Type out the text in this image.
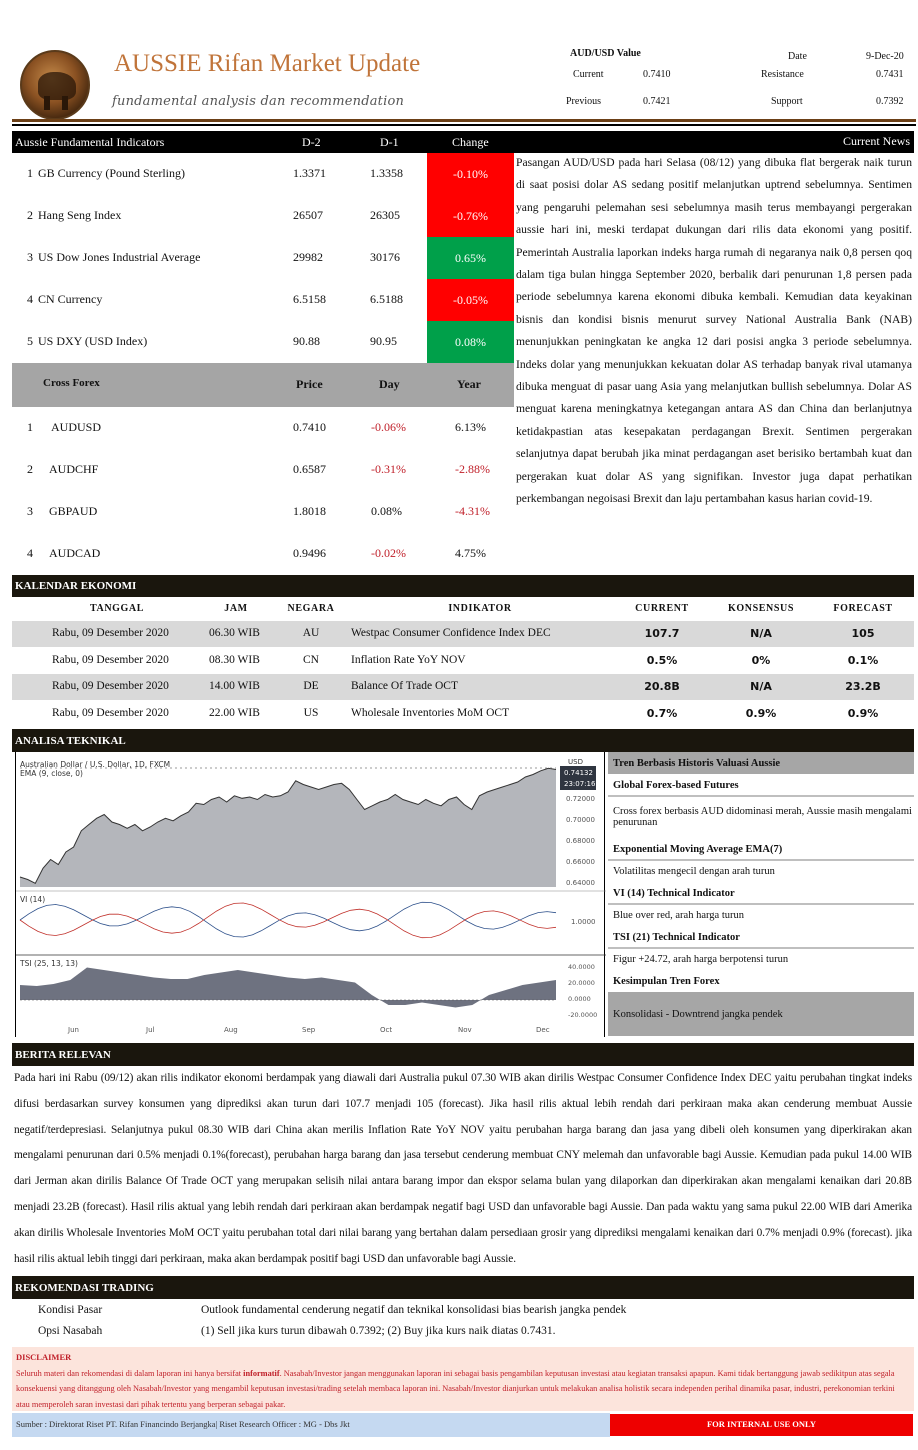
AUSSIE Rifan Market Update
fundamental analysis dan recommendation
AUD/USD Value
Current	0.7410
Previous	0.7421
Date	9-Dec-20
Resistance	0.7431
Support	0.7392
Aussie Fundamental Indicators	D-2	D-1	Change
Cross Forex	Price	Day	Year
Current News
Pasangan AUD/USD pada hari Selasa (08/12) yang dibuka flat bergerak naik turun di saat posisi dolar AS sedang positif melanjutkan uptrend sebelumnya. Sentimen yang pengaruhi pelemahan sesi sebelumnya masih terus membayangi pergerakan aussie hari ini, meski terdapat dukungan dari rilis data ekonomi yang positif. Pemerintah Australia laporkan indeks harga rumah di negaranya naik 0,8 persen qoq dalam tiga bulan hingga September 2020, berbalik dari penurunan 1,8 persen pada periode sebelumnya karena ekonomi dibuka kembali. Kemudian data keyakinan bisnis dan kondisi bisnis menurut survey National Australia Bank (NAB) menunjukkan peningkatan ke angka 12 dari posisi angka 3 periode sebelumnya. Indeks dolar yang menunjukkan kekuatan dolar AS terhadap banyak rival utamanya dibuka menguat di pasar uang Asia yang melanjutkan bullish sebelumnya. Dolar AS menguat karena meningkatnya ketegangan antara AS dan China dan berlanjutnya ketidakpastian atas kesepakatan perdagangan Brexit. Sentimen pergerakan selanjutnya dapat berubah jika minat perdagangan aset berisiko bertambah kuat dan pergerakan kuat dolar AS yang signifikan. Investor juga dapat perhatikan perkembangan negoisasi Brexit dan laju pertambahan kasus harian covid-19.
KALENDAR EKONOMI
TANGGAL	JAM	NEGARA	INDIKATOR	CURRENT	KONSENSUS	FORECAST
ANALISA TEKNIKAL
Australian Dollar / U.S. Dollar, 1D, FXCM
EMA (9, close, 0)
USD
0.74132
23:07:16
0.72000
0.70000
0.68000
0.66000
0.64000
VI (14)
1.0000
TSI (25, 13, 13)	40.0000
20.0000
0.0000
-20.0000
Jun	Jul	Aug	Sep	Oct	Nov	Dec
Tren Berbasis Historis Valuasi Aussie
Global Forex-based Futures
Cross forex berbasis AUD didominasi merah, Aussie masih mengalami penurunan
Exponential Moving Average EMA(7)
Volatilitas mengecil dengan arah turun
VI (14) Technical Indicator
Blue over red, arah harga turun
TSI (21) Technical Indicator
Figur +24.72, arah harga berpotensi turun
Kesimpulan Tren Forex
Konsolidasi - Downtrend jangka pendek
BERITA RELEVAN
Pada hari ini Rabu (09/12) akan rilis indikator ekonomi berdampak yang diawali dari Australia pukul 07.30 WIB akan dirilis Westpac Consumer Confidence Index DEC yaitu perubahan tingkat indeks difusi berdasarkan survey konsumen yang diprediksi akan turun dari 107.7 menjadi 105 (forecast). Jika hasil rilis aktual lebih rendah dari perkiraan maka akan cenderung membuat Aussie negatif/terdepresiasi. Selanjutnya pukul 08.30 WIB dari China akan merilis Inflation Rate YoY NOV yaitu perubahan harga barang dan jasa yang dibeli oleh konsumen yang diperkirakan akan mengalami penurunan dari 0.5% menjadi 0.1%(forecast), perubahan harga barang dan jasa tersebut cenderung membuat CNY melemah dan unfavorable bagi Aussie. Kemudian pada pukul 14.00 WIB dari Jerman akan dirilis Balance Of Trade OCT yang merupakan selisih nilai antara barang impor dan ekspor selama bulan yang dilaporkan dan diperkirakan akan mengalami kenaikan dari 20.8B menjadi 23.2B (forecast). Hasil rilis aktual yang lebih rendah dari perkiraan akan berdampak negatif bagi USD dan unfavorable bagi Aussie. Dan pada waktu yang sama pukul 22.00 WIB dari Amerika akan dirilis Wholesale Inventories MoM OCT yaitu perubahan total dari nilai barang yang bertahan dalam persediaan grosir yang diprediksi mengalami kenaikan dari 0.7% menjadi 0.9% (forecast). jika hasil rilis aktual lebih tinggi dari perkiraan, maka akan berdampak positif bagi USD dan unfavorable bagi Aussie.
REKOMENDASI TRADING
Kondisi Pasar	Outlook fundamental cenderung negatif dan teknikal konsolidasi bias bearish jangka pendek
Opsi Nasabah	(1) Sell jika kurs turun dibawah 0.7392; (2) Buy jika kurs naik diatas 0.7431.
DISCLAIMER
Seluruh materi dan rekomendasi di dalam laporan ini hanya bersifat informatif. Nasabah/Investor jangan menggunakan laporan ini sebagai basis pengambilan keputusan investasi atau kegiatan transaksi apapun. Kami tidak bertanggung jawab sedikitpun atas segala konsekuensi yang ditanggung oleh Nasabah/Investor yang mengambil keputusan investasi/trading setelah membaca laporan ini. Nasabah/Investor dianjurkan untuk melakukan analisa holistik secara independen perihal dinamika pasar, industri, perekonomian terkini atau memperoleh saran investasi dari pihak tertentu yang berperan sebagai pakar.
Sumber : Direktorat Riset PT. Rifan Financindo Berjangka| Riset Research Officer : MG - Dbs Jkt	FOR INTERNAL USE ONLY
1 GB Currency (Pound Sterling)	1.3371	1.3358	-0.10%
2 Hang Seng Index	26507	26305	-0.76%
3 US Dow Jones Industrial Average	29982	30176	0.65%
4 CN Currency	6.5158	6.5188	-0.05%
5 US DXY (USD Index)	90.88	90.95	0.08%
1 AUDUSD	0.7410	-0.06%	6.13%
2 AUDCHF	0.6587	-0.31%	-2.88%
3 GBPAUD	1.8018	0.08%	-4.31%
4 AUDCAD	0.9496	-0.02%	4.75%
Rabu, 09 Desember 2020	06.30 WIB	AU	Westpac Consumer Confidence Index DEC	107.7	N/A	105
Rabu, 09 Desember 2020	08.30 WIB	CN	Inflation Rate YoY NOV	0.5%	0%	0.1%
Rabu, 09 Desember 2020	14.00 WIB	DE	Balance Of Trade OCT	20.8B	N/A	23.2B
Rabu, 09 Desember 2020	22.00 WIB	US	Wholesale Inventories MoM OCT	0.7%	0.9%	0.9%
